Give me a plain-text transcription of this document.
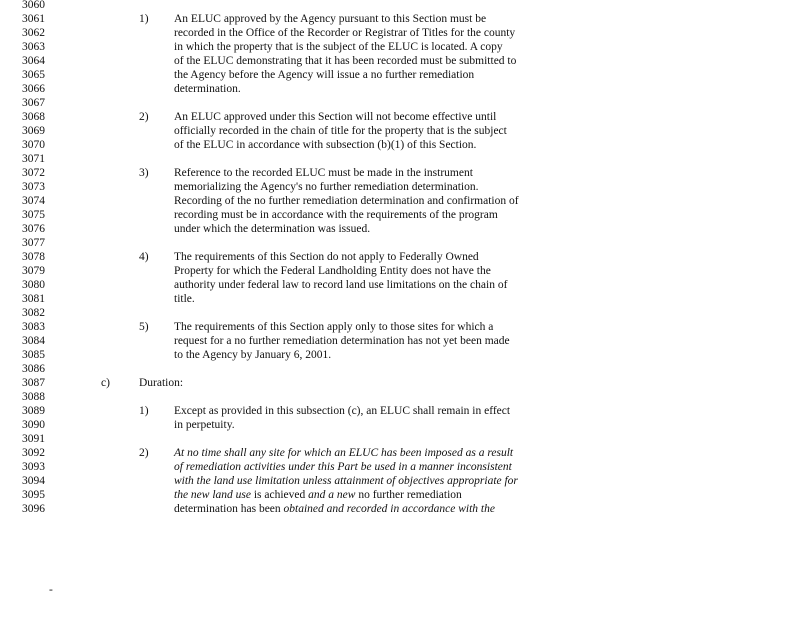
3060
3061
3062
3063
3064
3065
3066
3067
3068
3069
3070
3071
3072
3073
3074
3075
3076
3077
3078
3079
3080
3081
3082
3083
3084
3085
3086
3087
3088
3089
3090
3091
3092
3093
3094
3095
3096
1) An ELUC approved by the Agency pursuant to this Section must be
recorded in the Office of the Recorder or Registrar of Titles for the county
in which the property that is the subject of the ELUC is located. A copy
of the ELUC demonstrating that it has been recorded must be submitted to
the Agency before the Agency will issue a no further remediation
determination.
2) An ELUC approved under this Section will not become effective until
officially recorded in the chain of title for the property that is the subject
of the ELUC in accordance with subsection (b)(1) of this Section.
3) Reference to the recorded ELUC must be made in the instrument
memorializing the Agency's no further remediation determination.
Recording of the no further remediation determination and confirmation of
recording must be in accordance with the requirements of the program
under which the determination was issued.
4) The requirements of this Section do not apply to Federally Owned
Property for which the Federal Landholding Entity does not have the
authority under federal law to record land use limitations on the chain of
title.
5) The requirements of this Section apply only to those sites for which a
request for a no further remediation determination has not yet been made
to the Agency by January 6, 2001.
c)	Duration:
1) Except as provided in this subsection (c), an ELUC shall remain in effect
in perpetuity.
2) At no time shall any site for which an ELUC has been imposed as a result
of remediation activities under this Part be used in a manner inconsistent
with the land use limitation unless attainment of objectives appropriate for
the new land use is achieved and a new no further remediation
determination has been obtained and recorded in accordance with the
-
